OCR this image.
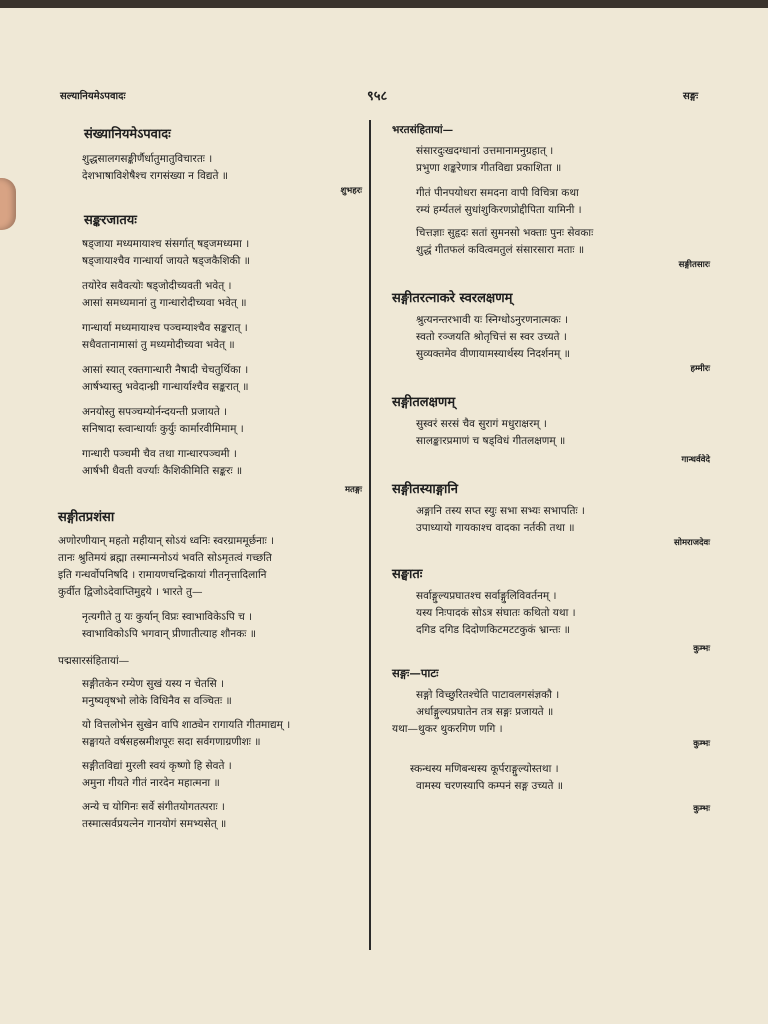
सल्यानियमेऽपवादः	९५८	सङ्गः
संख्यानियमेऽपवादः
शुद्धसालगसङ्कीर्णैर्धातुमातुविचारतः ।
देशभाषाविशेषैश्च रागसंख्या न विद्यते ॥
शुभहरः
सङ्करजातयः
षड्जाया मध्यमायाश्च संसर्गात् षड्जमध्यमा ।
षड्जायाश्चैव गान्धार्या जायते षड्जकैशिकी ॥
तयोरेव सवैवत्योः षड्जोदीच्यवती भवेत् ।
आसां समध्यमानां तु गान्धारोदीच्यवा भवेत् ॥
गान्धार्या मध्यमायाश्च पञ्चम्याश्चैव सङ्करात् ।
सधैवतानामासां तु मध्यमोदीच्यवा भवेत् ॥
आसां स्यात् रक्तगान्धारी नैषादी चेचतुर्थिका ।
आर्षभ्यास्तु भवेदान्ध्री गान्धार्याश्चैव सङ्करात् ॥
अनयोस्तु सपञ्चम्योर्नन्दयन्ती प्रजायते ।
सनिषादा स्त्वान्धार्याः कुर्युः कार्मारवीमिमाम् ।
गान्धारी पञ्चमी चैव तथा गान्धारपञ्चमी ।
आर्षभी धैवती वर्ज्याः कैशिकीमिति सङ्करः ॥
मतङ्गः
सङ्गीतप्रशंसा
अणोरणीयान् महतो महीयान् सोऽयं ध्वनिः स्वरग्राममूर्छनाः ।
तानः श्रुतिमयं ब्रह्मा तस्मान्मनोऽयं भवति सोऽमृतत्वं गच्छति
इति गन्धर्वोपनिषदि । रामायणचन्द्रिकायां गीतनृत्तादिलानि
कुर्वीत द्विजोऽदेवाप्तिमुद्दये । भारते तु—
नृत्यगीते तु यः कुर्यान् विप्रः स्वाभाविकेऽपि च ।
स्वाभाविकोऽपि भगवान् प्रीणातीत्याह शौनकः ॥
पद्मसारसंहितायां—
सङ्गीतकेन रम्येण सुखं यस्य न चेतसि ।
मनुष्यवृषभो लोके विधिनैव स वञ्चितः ॥
यो वित्तलोभेन सुखेन वापि शाठ्येन रागायति गीतमाद्यम् ।
सङ्घायते वर्षसहस्रमीशपूरः सदा सर्वगणाग्रणीशः ॥
सङ्गीतविद्यां मुरली स्वयं कृष्णो हि सेवते ।
अमुना गीयते गीतं नारदेन महात्मना ॥
अन्ये च योगिनः सर्वे संगीतयोगतत्पराः ।
तस्मात्सर्वप्रयत्नेन गानयोगं समभ्यसेत् ॥
भरतसंहितायां—
संसारदुःखदग्धानां उत्तमानामनुग्रहात् ।
प्रभुणा शङ्करेणात्र गीतविद्या प्रकाशिता ॥
गीतं पीनपयोधरा समदना वापी विचित्रा कथा
रम्यं हर्म्यतलं सुधांशुकिरणप्रोद्दीपिता यामिनी ।
चित्तज्ञाः सुहृदः सतां सुमनसो भक्ताः पुनः सेवकाः
शुद्धं गीतफलं कवित्वमतुलं संसारसारा मताः ॥
सङ्गीतसारः
सङ्गीतरत्नाकरे स्वरलक्षणम्
श्रुत्यनन्तरभावी यः स्निग्धोऽनुरणनात्मकः ।
स्वतो रञ्जयति श्रोतृचित्तं स स्वर उच्यते ।
सुव्यक्तमेव वीणायामस्यार्थस्य निदर्शनम् ॥
हम्मीरः
सङ्गीतलक्षणम्
सुस्वरं सरसं चैव सुरागं मधुराक्षरम् ।
सालङ्कारप्रमाणं च षड्विधं गीतलक्षणम् ॥
गान्धर्ववेदे
सङ्गीतस्याङ्गानि
अङ्गानि तस्य सप्त स्युः सभा सभ्यः सभापतिः ।
उपाध्यायो गायकाश्च वादका नर्तकी तथा ॥
सोमराजदेवः
सङ्घातः
सर्वाङ्गुल्यप्रघातश्च सर्वाङ्गुलिविवर्तनम् ।
यस्य निःपादकं सोऽत्र संघातः कथितो यथा ।
दगिड दगिड दिदोणकिटमटटकुकं भ्रान्तः ॥
कुम्भः
सङ्गः—पाटः
सङ्गो विच्छुरितश्चेति पाटावलगसंज्ञकौ ।
अर्धाङ्गुल्यप्रघातेन तत्र सङ्गः प्रजायते ॥
यथा—थुकर थुकरगिण णगि ।
कुम्भः
स्कन्धस्य मणिबन्धस्य कूर्पराङ्गुल्योस्तथा ।
वामस्य चरणस्यापि कम्पनं सङ्ग उच्यते ॥
कुम्भः
